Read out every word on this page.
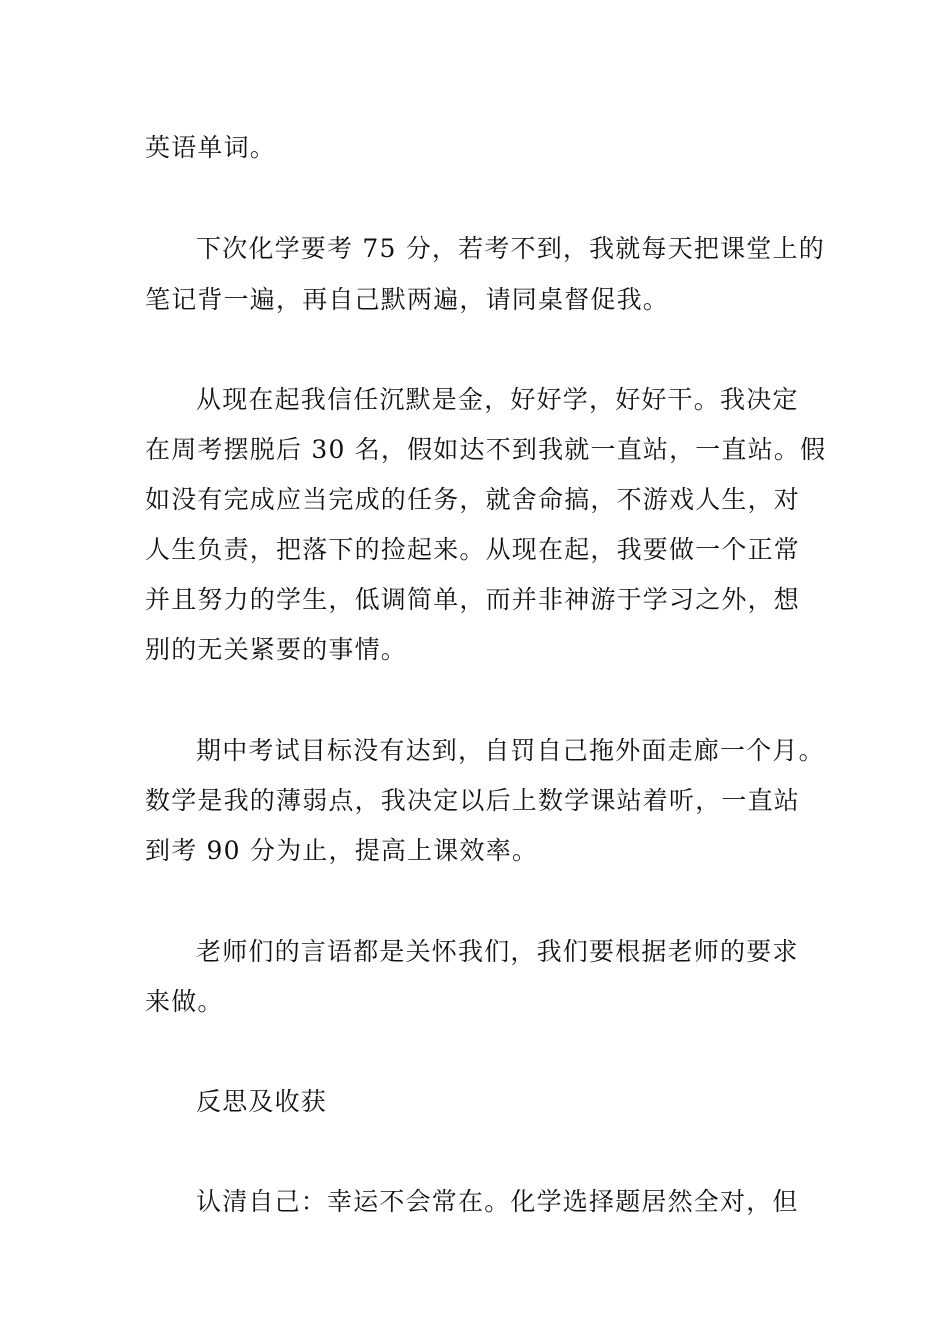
英语单词。
下次化学要考 75 分，若考不到，我就每天把课堂上的
笔记背一遍，再自己默两遍，请同桌督促我。
从现在起我信任沉默是金，好好学，好好干。我决定
在周考摆脱后 30 名，假如达不到我就一直站，一直站。假
如没有完成应当完成的任务，就舍命搞，不游戏人生，对
人生负责，把落下的捡起来。从现在起，我要做一个正常
并且努力的学生，低调简单，而并非神游于学习之外，想
别的无关紧要的事情。
期中考试目标没有达到，自罚自己拖外面走廊一个月。
数学是我的薄弱点，我决定以后上数学课站着听，一直站
到考 90 分为止，提高上课效率。
老师们的言语都是关怀我们，我们要根据老师的要求
来做。
反思及收获
认清自己：幸运不会常在。化学选择题居然全对，但
